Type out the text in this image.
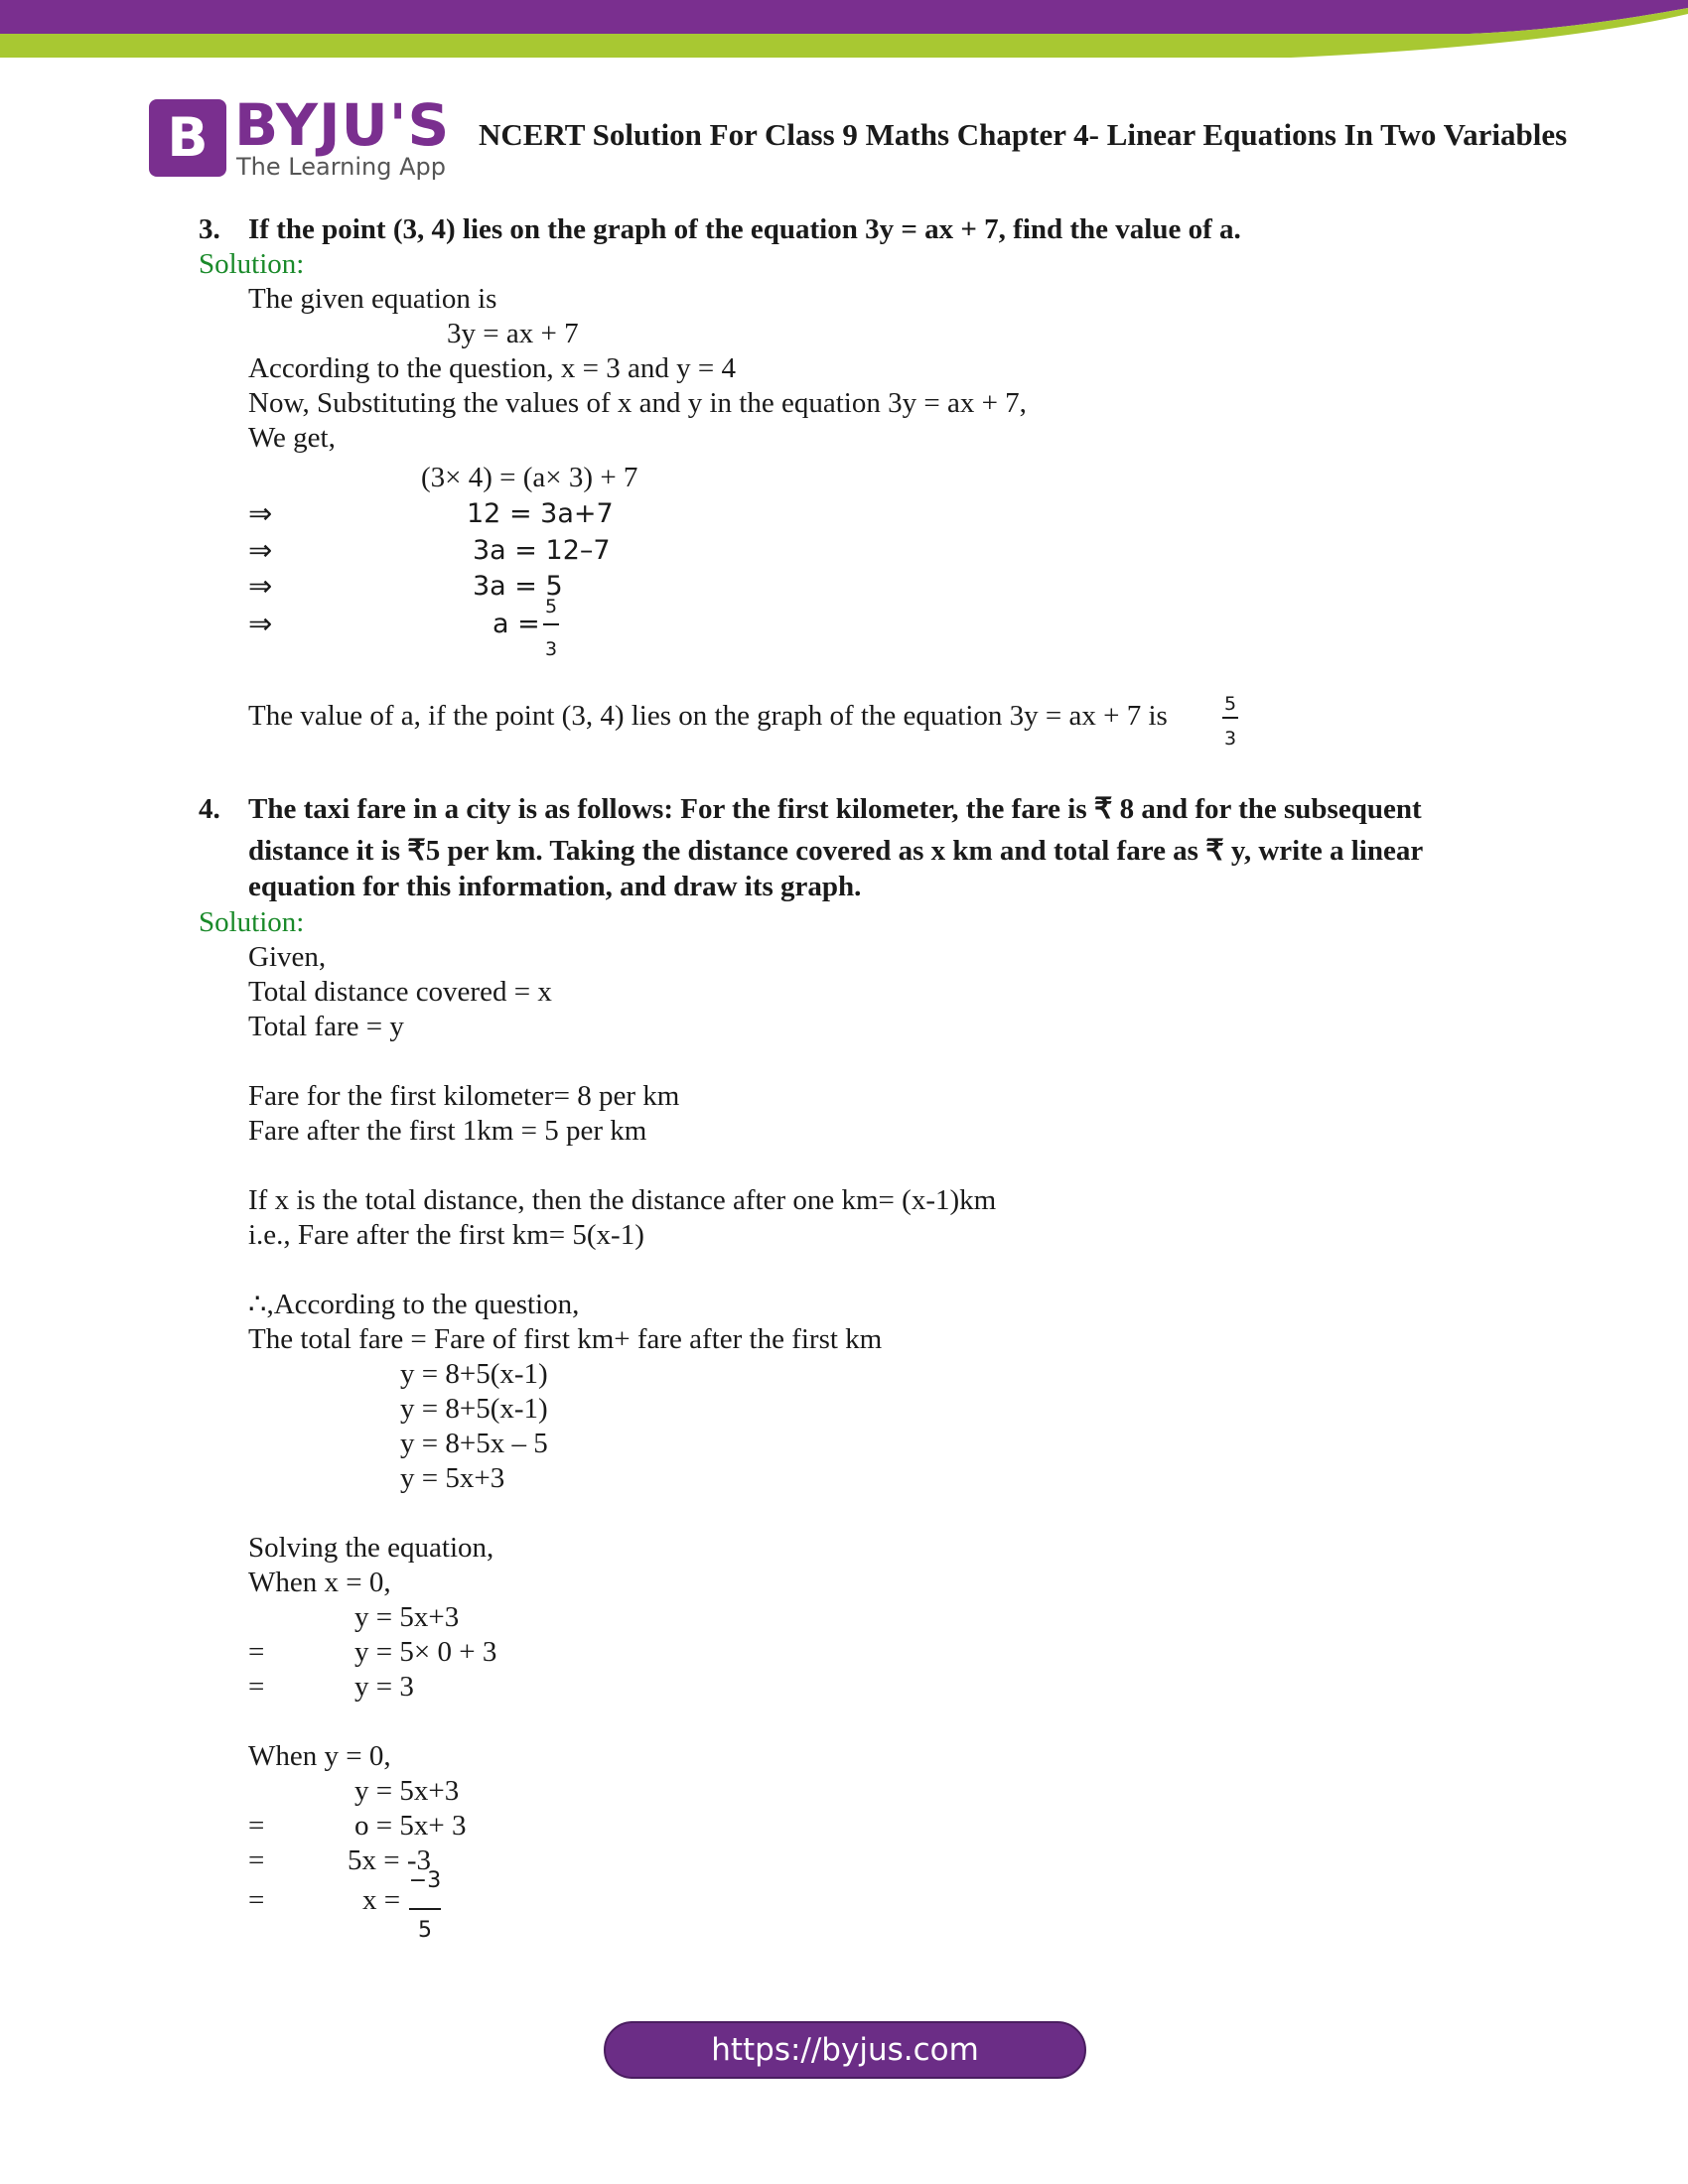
B BYJU'S
The Learning App
NCERT Solution For Class 9 Maths Chapter 4- Linear Equations In Two Variables
3. If the point (3, 4) lies on the graph of the equation 3y = ax + 7, find the value of a.
Solution:
The given equation is
3y = ax + 7
According to the question, x = 3 and y = 4
Now, Substituting the values of x and y in the equation 3y = ax + 7,
We get,
(3× 4) = (a× 3) + 7
⇒	12 = 3a+7
⇒	3a = 12–7
⇒	3a = 5
⇒	a =
5
3
The value of a, if the point (3, 4) lies on the graph of the equation 3y = ax + 7 is	5
3
4. The taxi fare in a city is as follows: For the first kilometer, the fare is ₹ 8 and for the subsequent
distance it is ₹5 per km. Taking the distance covered as x km and total fare as ₹ y, write a linear
equation for this information, and draw its graph.
Solution:
Given,
Total distance covered = x
Total fare = y
Fare for the first kilometer= 8 per km
Fare after the first 1km = 5 per km
If x is the total distance, then the distance after one km= (x-1)km
i.e., Fare after the first km= 5(x-1)
∴,According to the question,
The total fare = Fare of first km+ fare after the first km
y = 8+5(x-1)
y = 8+5(x-1)
y = 8+5x – 5
y = 5x+3
Solving the equation,
When x = 0,
y = 5x+3
=	y = 5× 0 + 3
=	y = 3
When y = 0,
y = 5x+3
=	o = 5x+ 3
=	5x = -3
=	x =
−3
5
https://byjus.com
